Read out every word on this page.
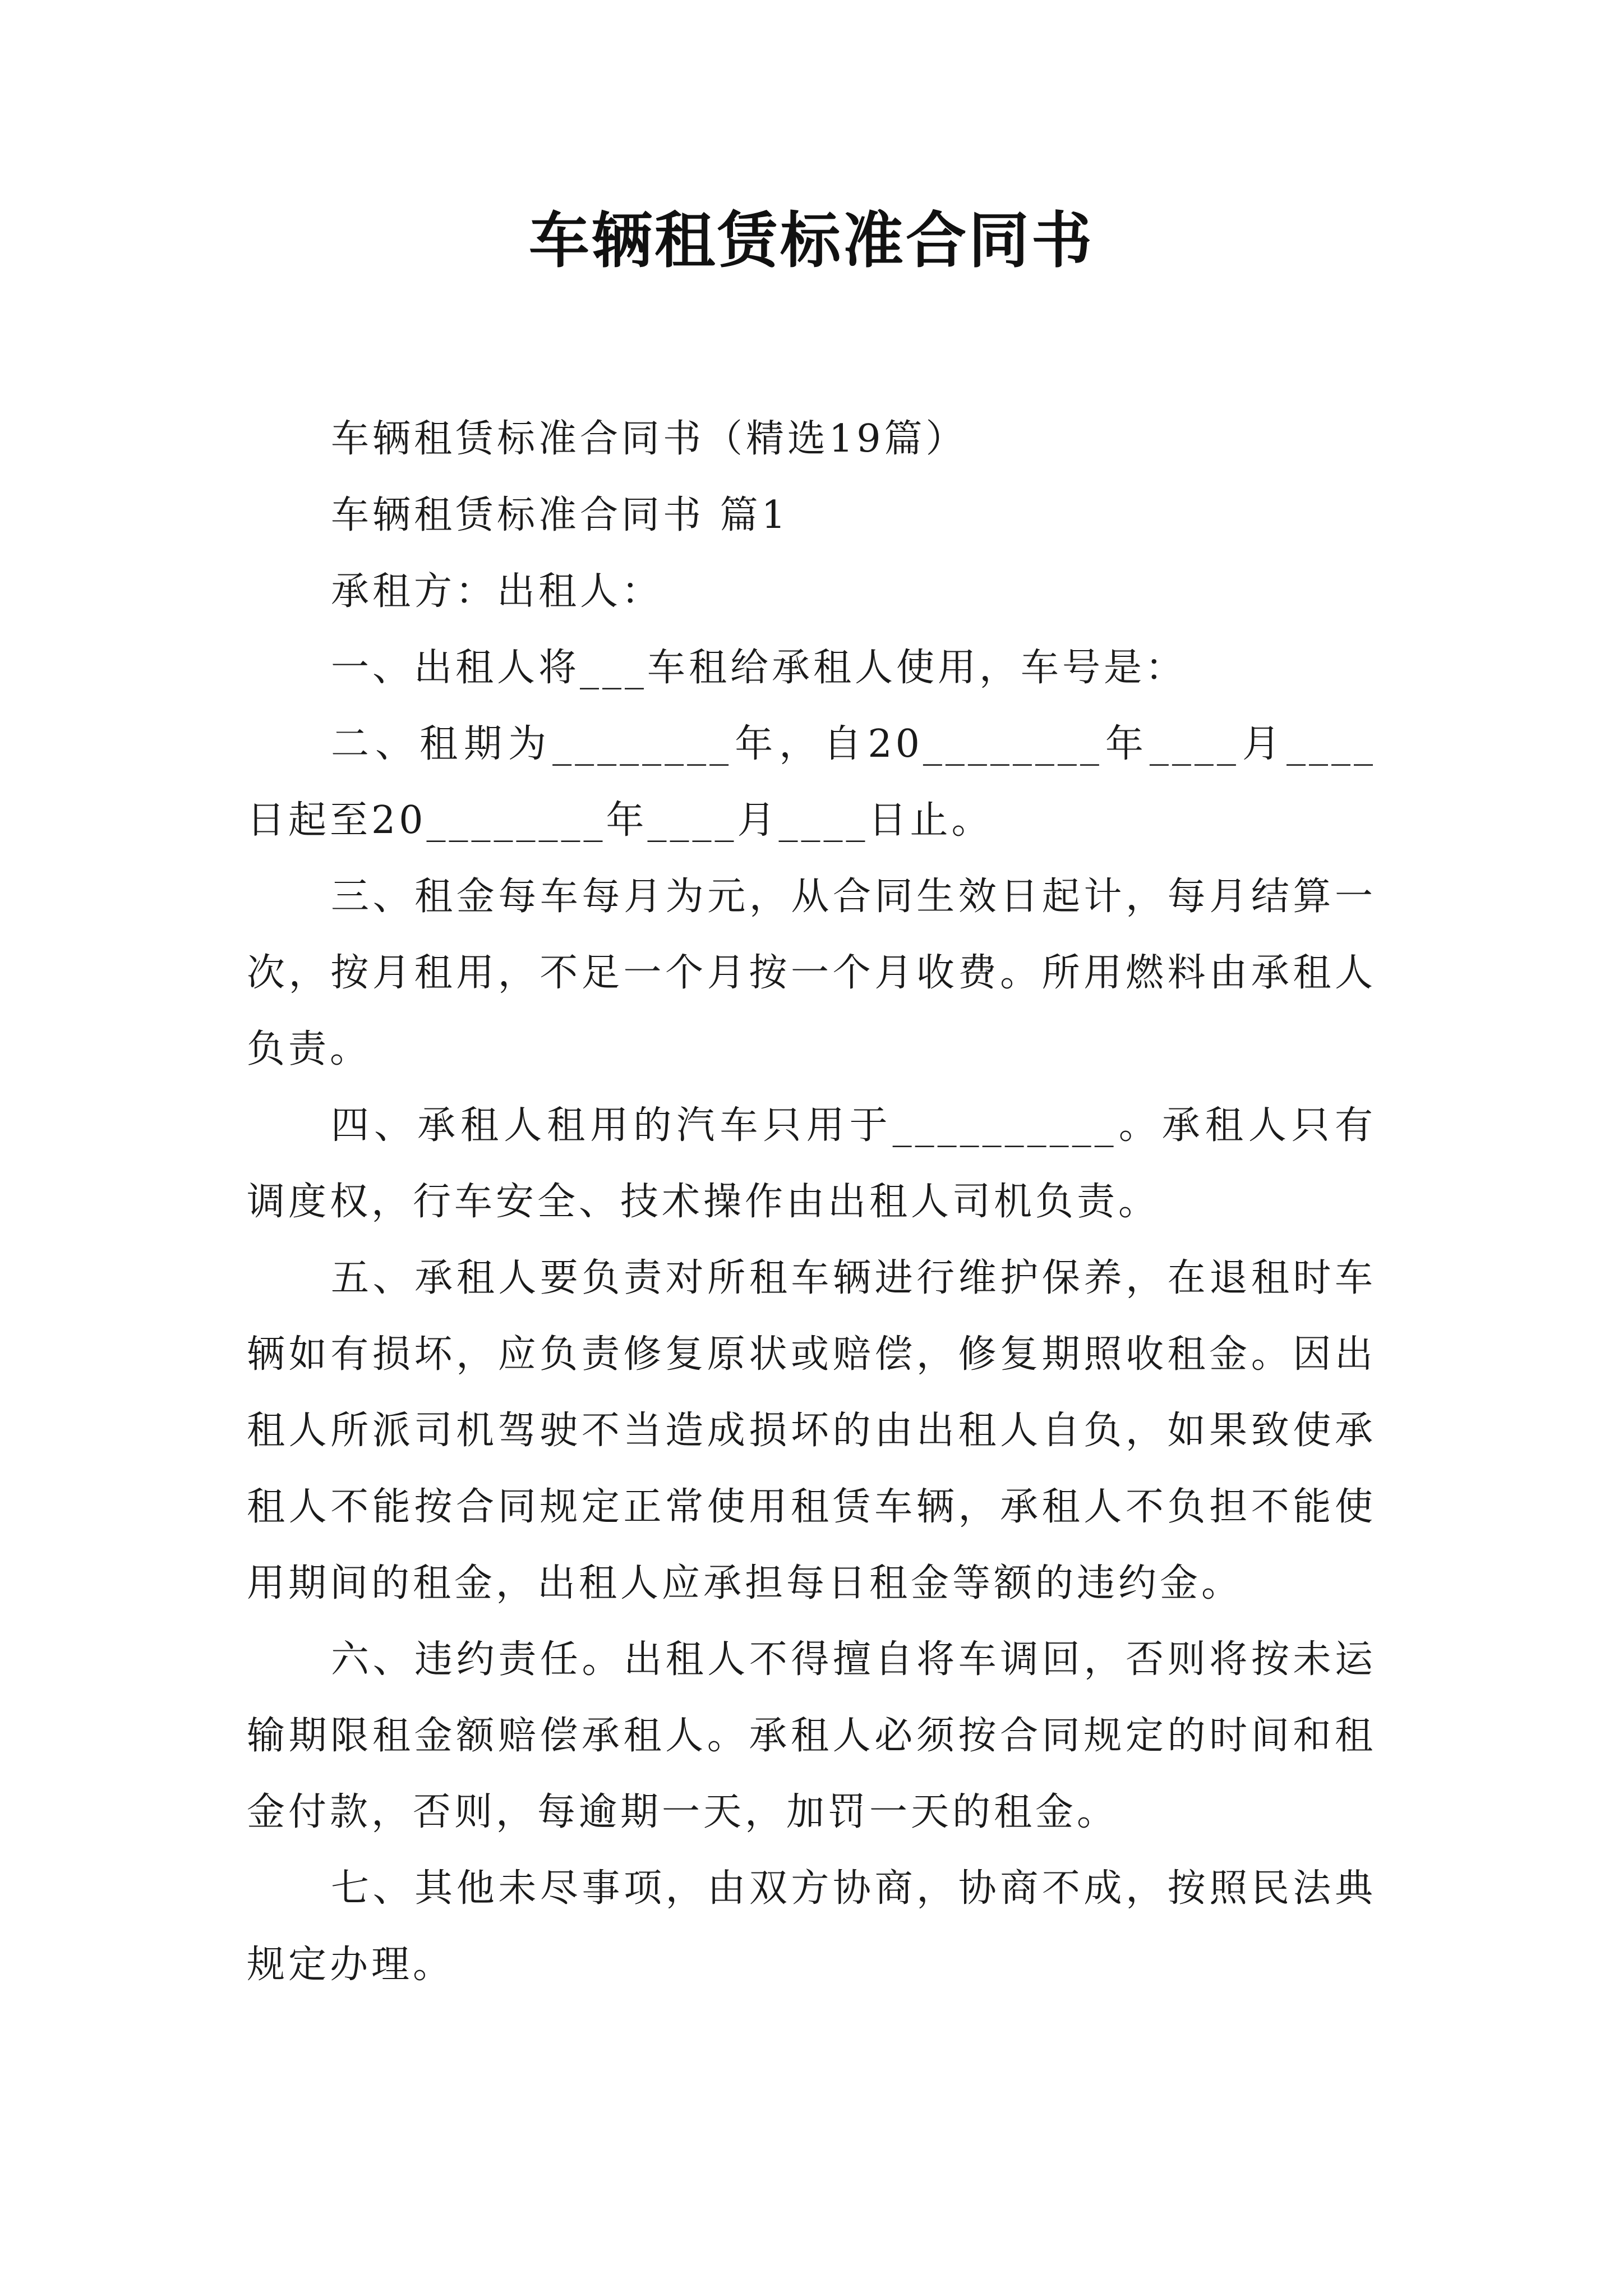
车辆租赁标准合同书

车辆租赁标准合同书（精选19篇）

车辆租赁标准合同书 篇1

承租方：出租人：

一、出租人将___车租给承租人使用，车号是：

二、租期为________年，自20________年____月____日起至20________年____月____日止。

三、租金每车每月为元，从合同生效日起计，每月结算一次，按月租用，不足一个月按一个月收费。所用燃料由承租人负责。

四、承租人租用的汽车只用于__________。承租人只有调度权，行车安全、技术操作由出租人司机负责。

五、承租人要负责对所租车辆进行维护保养，在退租时车辆如有损坏，应负责修复原状或赔偿，修复期照收租金。因出租人所派司机驾驶不当造成损坏的由出租人自负，如果致使承租人不能按合同规定正常使用租赁车辆，承租人不负担不能使用期间的租金，出租人应承担每日租金等额的违约金。

六、违约责任。出租人不得擅自将车调回，否则将按未运输期限租金额赔偿承租人。承租人必须按合同规定的时间和租金付款，否则，每逾期一天，加罚一天的租金。

七、其他未尽事项，由双方协商，协商不成，按照民法典规定办理。
